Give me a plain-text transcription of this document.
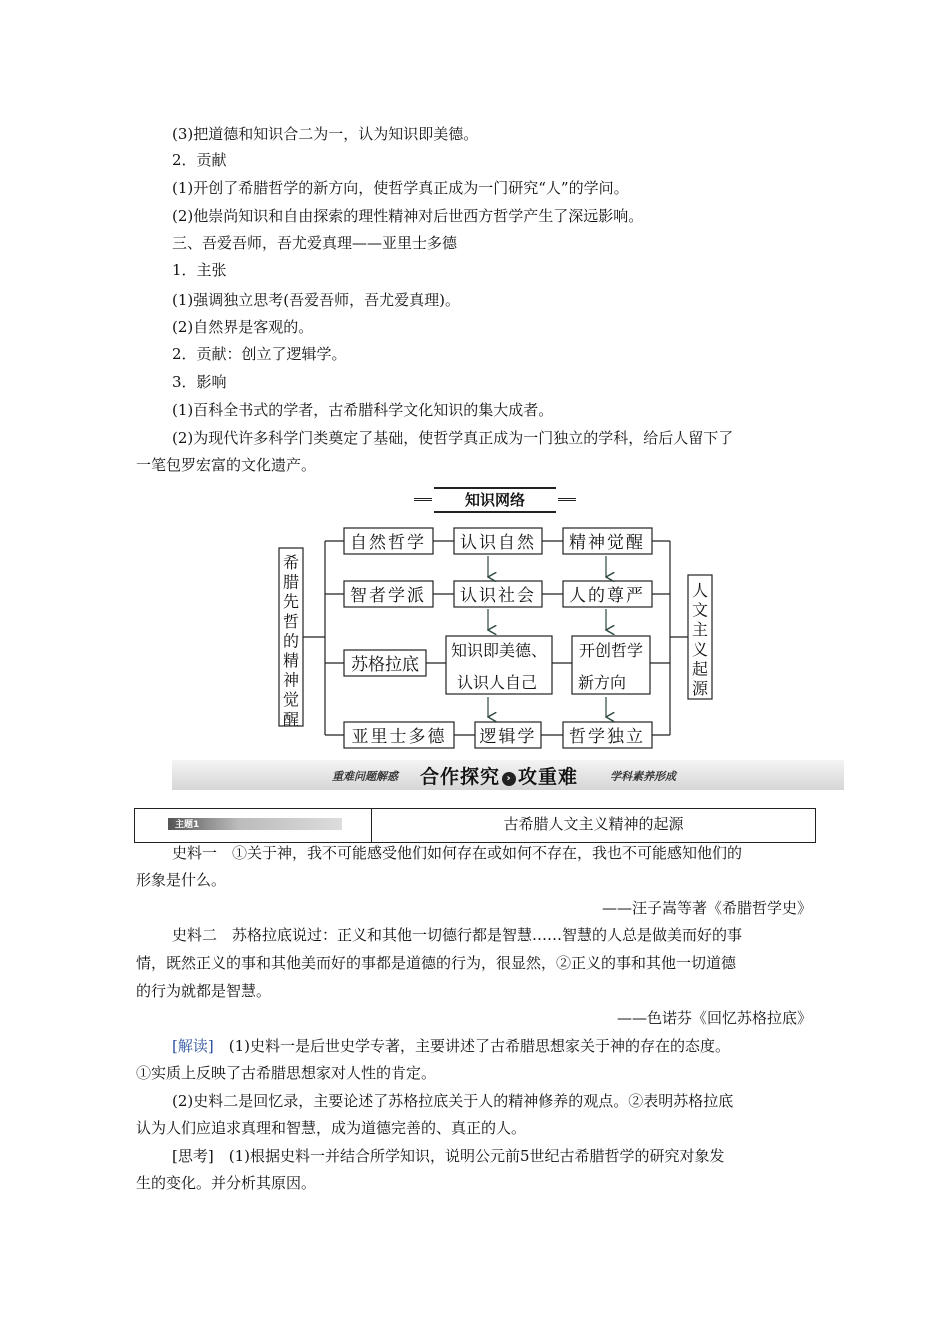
(3)把道德和知识合二为一，认为知识即美德。
2．贡献
(1)开创了希腊哲学的新方向，使哲学真正成为一门研究“人”的学问。
(2)他崇尚知识和自由探索的理性精神对后世西方哲学产生了深远影响。
三、吾爱吾师，吾尤爱真理——亚里士多德
1．主张
(1)强调独立思考(吾爱吾师，吾尤爱真理)。
(2)自然界是客观的。
2．贡献：创立了逻辑学。
3．影响
(1)百科全书式的学者，古希腊科学文化知识的集大成者。
(2)为现代许多科学门类奠定了基础，使哲学真正成为一门独立的学科，给后人留下了
一笔包罗宏富的文化遗产。
知识网络
自然哲学 认识自然 精神觉醒
智者学派 认识社会 人的尊严
苏格拉底
知识即美德、
认识人自己
开创哲学
新方向
亚里士多德 逻辑学 哲学独立
希腊先哲的精神觉醒
人文主义起源
重难问题解惑 合作探究 › 攻重难	学科素养形成
主题1	古希腊人文主义精神的起源
史料一　①关于神，我不可能感受他们如何存在或如何不存在，我也不可能感知他们的
形象是什么。
——汪子嵩等著《希腊哲学史》
史料二　苏格拉底说过：正义和其他一切德行都是智慧……智慧的人总是做美而好的事
情，既然正义的事和其他美而好的事都是道德的行为，很显然，②正义的事和其他一切道德
的行为就都是智慧。
——色诺芬《回忆苏格拉底》
[解读]　(1)史料一是后世史学专著，主要讲述了古希腊思想家关于神的存在的态度。
①实质上反映了古希腊思想家对人性的肯定。
(2)史料二是回忆录，主要论述了苏格拉底关于人的精神修养的观点。②表明苏格拉底
认为人们应追求真理和智慧，成为道德完善的、真正的人。
[思考]　(1)根据史料一并结合所学知识，说明公元前5世纪古希腊哲学的研究对象发
生的变化。并分析其原因。
